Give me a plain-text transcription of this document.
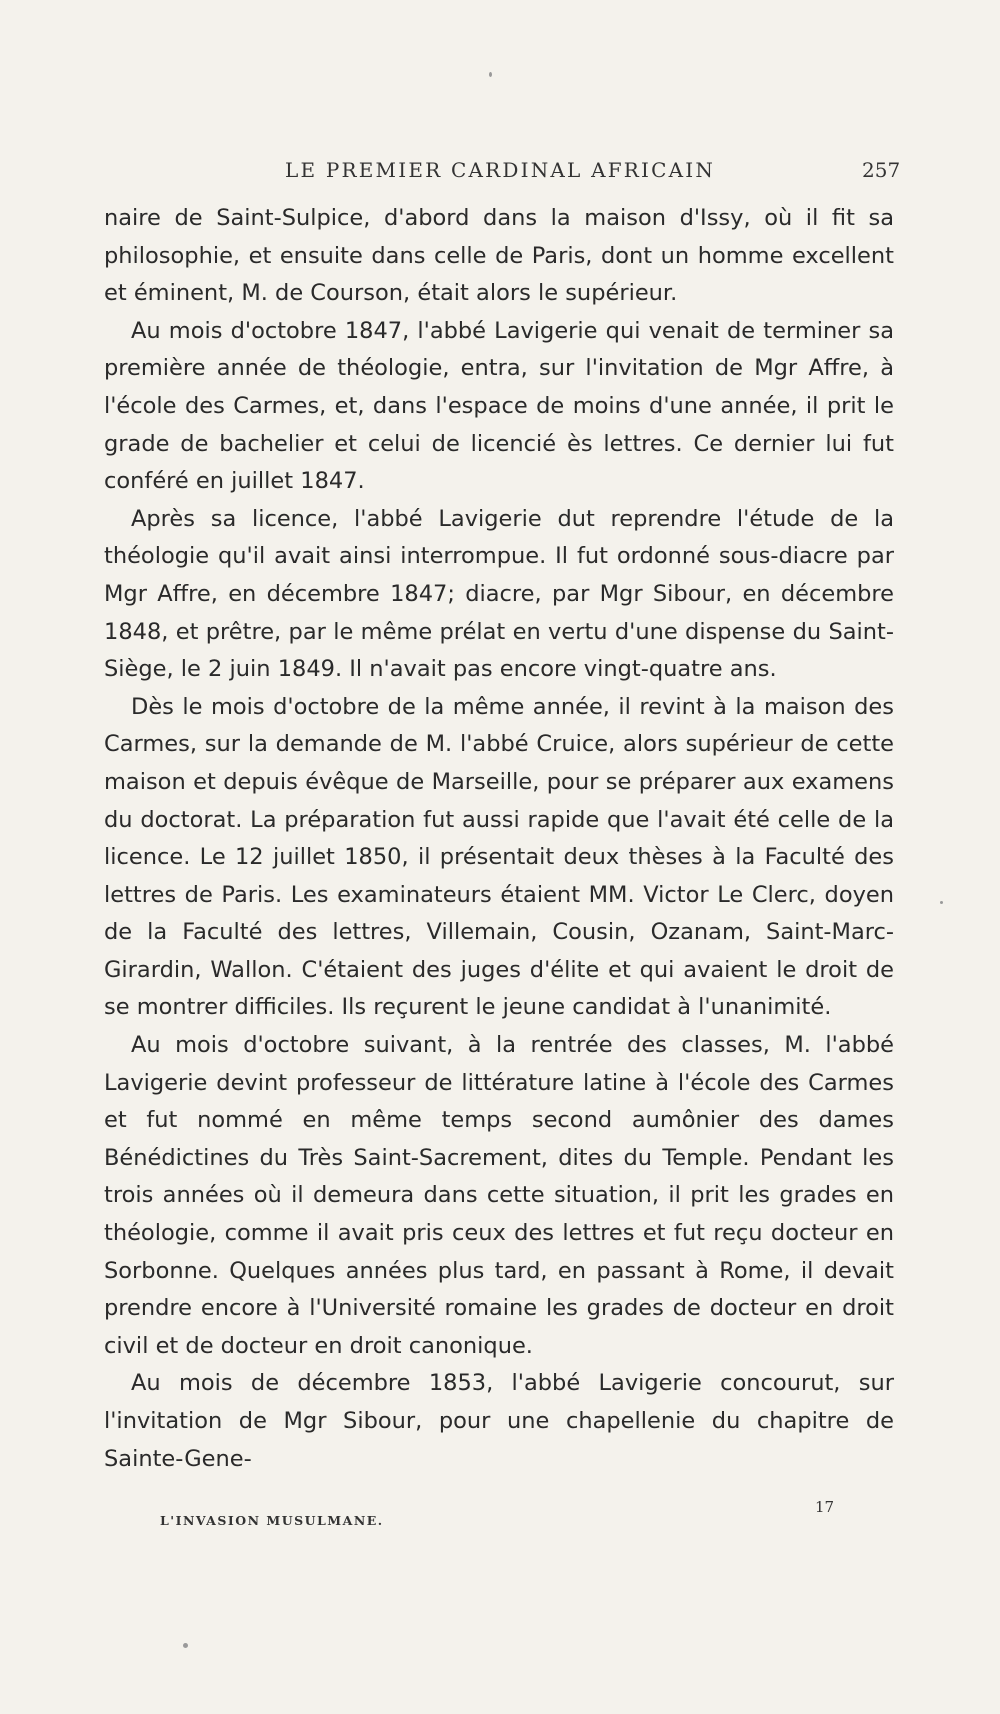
LE PREMIER CARDINAL AFRICAIN	257

naire de Saint-Sulpice, d'abord dans la maison d'Issy, où il fit sa philosophie, et ensuite dans celle de Paris, dont un homme excellent et éminent, M. de Courson, était alors le supérieur.

Au mois d'octobre 1847, l'abbé Lavigerie qui venait de terminer sa première année de théologie, entra, sur l'invitation de Mgr Affre, à l'école des Carmes, et, dans l'espace de moins d'une année, il prit le grade de bachelier et celui de licencié ès lettres. Ce dernier lui fut conféré en juillet 1847.

Après sa licence, l'abbé Lavigerie dut reprendre l'étude de la théologie qu'il avait ainsi interrompue. Il fut ordonné sous-diacre par Mgr Affre, en décembre 1847; diacre, par Mgr Sibour, en décembre 1848, et prêtre, par le même prélat en vertu d'une dispense du Saint-Siège, le 2 juin 1849. Il n'avait pas encore vingt-quatre ans.

Dès le mois d'octobre de la même année, il revint à la maison des Carmes, sur la demande de M. l'abbé Cruice, alors supérieur de cette maison et depuis évêque de Marseille, pour se préparer aux examens du doctorat. La préparation fut aussi rapide que l'avait été celle de la licence. Le 12 juillet 1850, il présentait deux thèses à la Faculté des lettres de Paris. Les examinateurs étaient MM. Victor Le Clerc, doyen de la Faculté des lettres, Villemain, Cousin, Ozanam, Saint-Marc-Girardin, Wallon. C'étaient des juges d'élite et qui avaient le droit de se montrer difficiles. Ils reçurent le jeune candidat à l'unanimité.

Au mois d'octobre suivant, à la rentrée des classes, M. l'abbé Lavigerie devint professeur de littérature latine à l'école des Carmes et fut nommé en même temps second aumônier des dames Bénédictines du Très Saint-Sacrement, dites du Temple. Pendant les trois années où il demeura dans cette situation, il prit les grades en théologie, comme il avait pris ceux des lettres et fut reçu docteur en Sorbonne. Quelques années plus tard, en passant à Rome, il devait prendre encore à l'Université romaine les grades de docteur en droit civil et de docteur en droit canonique.

Au mois de décembre 1853, l'abbé Lavigerie concourut, sur l'invitation de Mgr Sibour, pour une chapellenie du chapitre de Sainte-Gene-

L'INVASION MUSULMANE.
17
